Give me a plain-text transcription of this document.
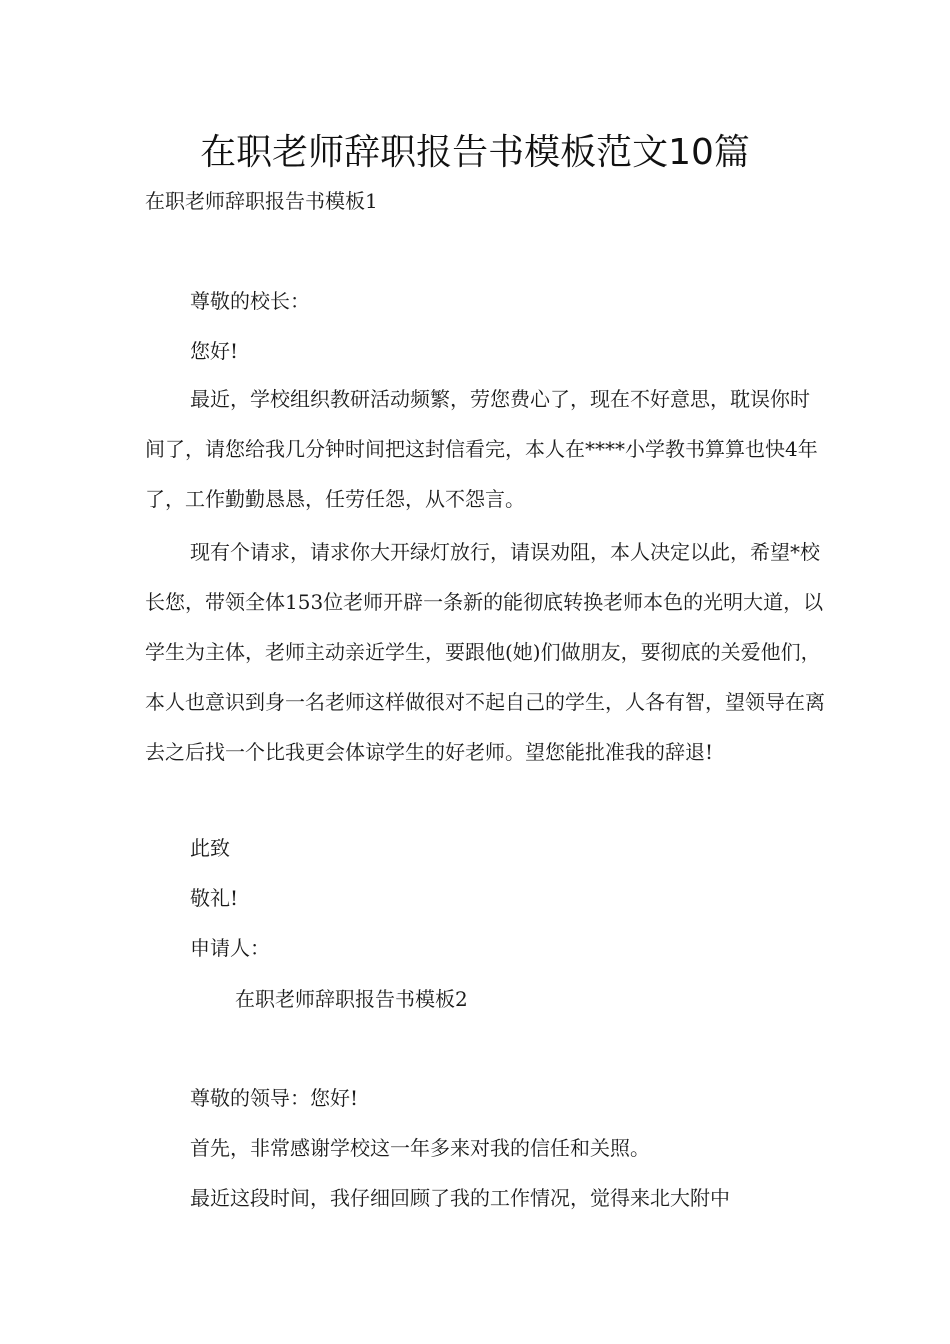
在职老师辞职报告书模板范文10篇

在职老师辞职报告书模板1

尊敬的校长：

您好!

最近，学校组织教研活动频繁，劳您费心了，现在不好意思，耽误你时间了，请您给我几分钟时间把这封信看完，本人在****小学教书算算也快4年了，工作勤勤恳恳，任劳任怨，从不怨言。

现有个请求，请求你大开绿灯放行，请误劝阻，本人决定以此，希望*校长您，带领全体153位老师开辟一条新的能彻底转换老师本色的光明大道，以学生为主体，老师主动亲近学生，要跟他(她)们做朋友，要彻底的关爱他们，本人也意识到身一名老师这样做很对不起自己的学生，人各有智，望领导在离去之后找一个比我更会体谅学生的好老师。望您能批准我的辞退!

此致

敬礼!

申请人：

在职老师辞职报告书模板2

尊敬的领导：您好!

首先，非常感谢学校这一年多来对我的信任和关照。

最近这段时间，我仔细回顾了我的工作情况，觉得来北大附中
